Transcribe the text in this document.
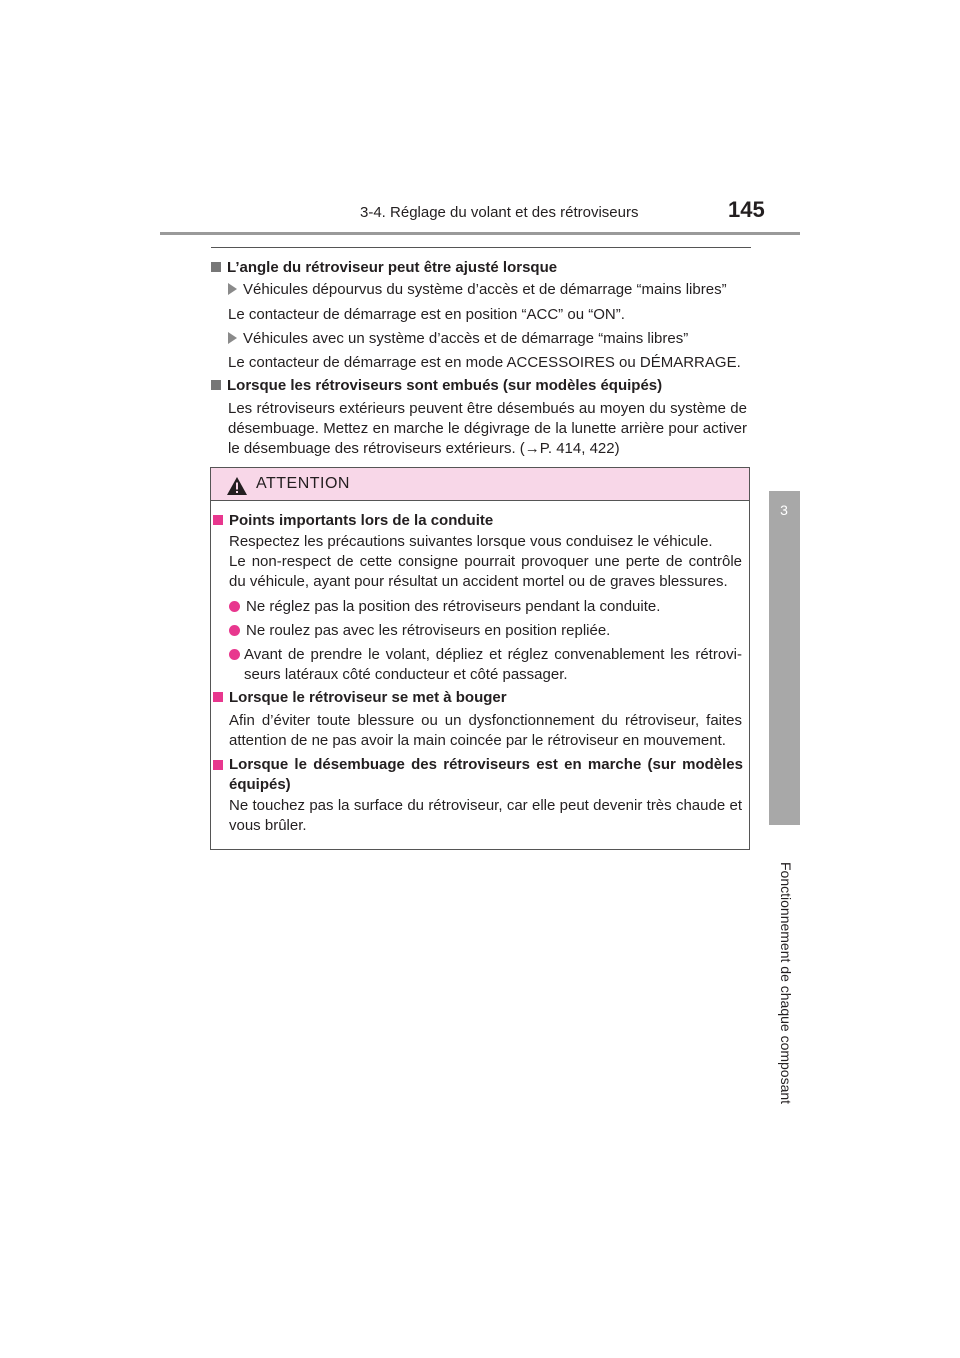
3-4. Réglage du volant et des rétroviseurs	145
3
Fonctionnement de chaque composant
L’angle du rétroviseur peut être ajusté lorsque
Véhicules dépourvus du système d’accès et de démarrage “mains libres”
Le contacteur de démarrage est en position “ACC” ou “ON”.
Véhicules avec un système d’accès et de démarrage “mains libres”
Le contacteur de démarrage est en mode ACCESSOIRES ou DÉMARRAGE.
Lorsque les rétroviseurs sont embués (sur modèles équipés)
Les rétroviseurs extérieurs peuvent être désembués au moyen du système de désembuage. Mettez en marche le dégivrage de la lunette arrière pour activer le désembuage des rétroviseurs extérieurs. (→P. 414, 422)
ATTENTION
Points importants lors de la conduite
Respectez les précautions suivantes lorsque vous conduisez le véhicule.
Le non-respect de cette consigne pourrait provoquer une perte de contrôle du véhicule, ayant pour résultat un accident mortel ou de graves blessures.
Ne réglez pas la position des rétroviseurs pendant la conduite.
Ne roulez pas avec les rétroviseurs en position repliée.
Avant de prendre le volant, dépliez et réglez convenablement les rétrovi-seurs latéraux côté conducteur et côté passager.
Lorsque le rétroviseur se met à bouger
Afin d’éviter toute blessure ou un dysfonctionnement du rétroviseur, faites attention de ne pas avoir la main coincée par le rétroviseur en mouvement.
Lorsque le désembuage des rétroviseurs est en marche (sur modèles équipés)
Ne touchez pas la surface du rétroviseur, car elle peut devenir très chaude et vous brûler.
